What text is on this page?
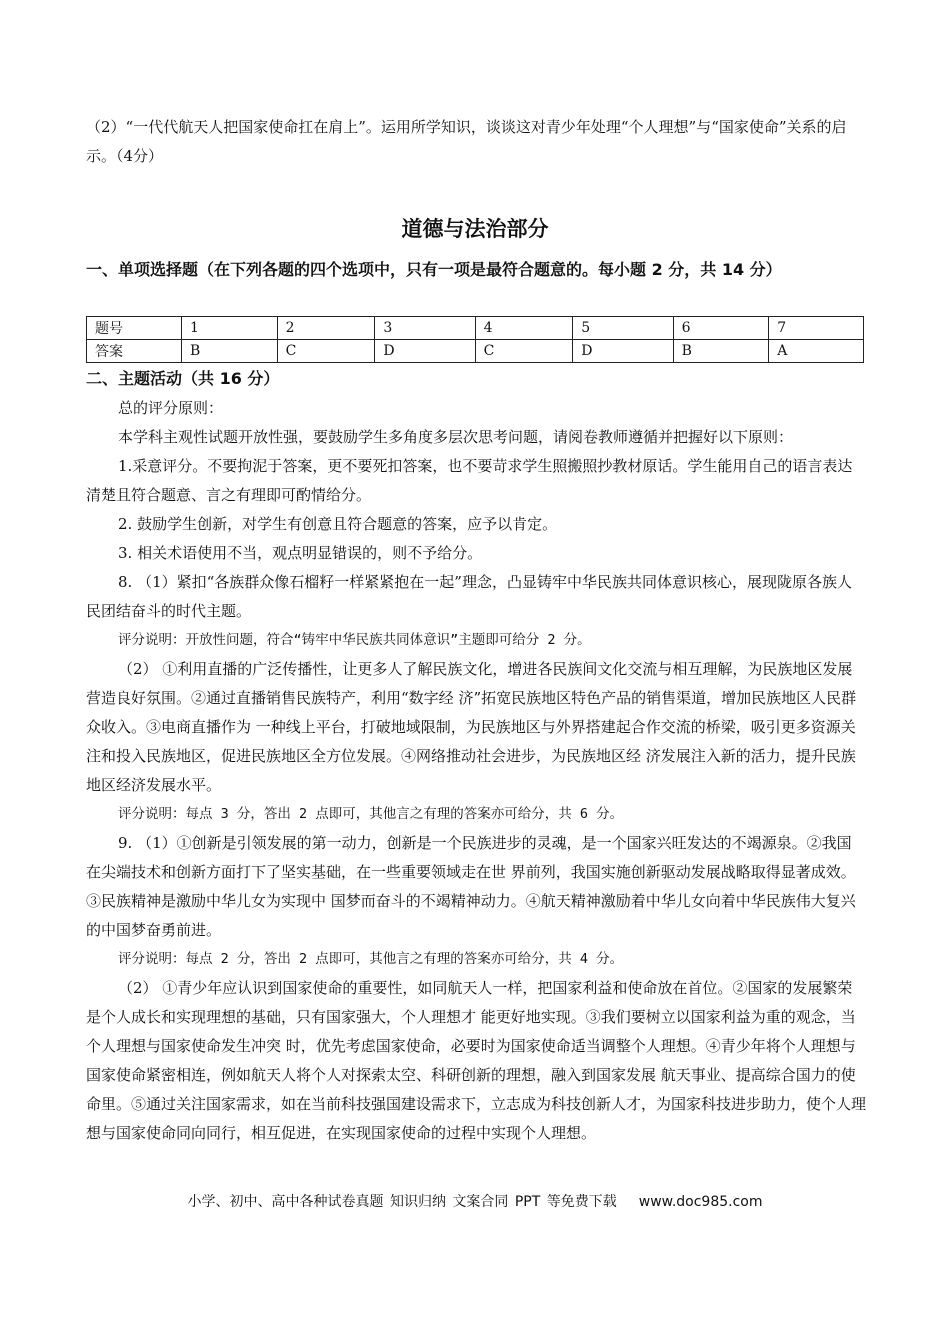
（2）“一代代航天人把国家使命扛在肩上”。运用所学知识，谈谈这对青少年处理“个人理想”与“国家使命”关系的启示。（4分）
道德与法治部分
一、单项选择题（在下列各题的四个选项中，只有一项是最符合题意的。每小题 2 分，共 14 分）
题号	1	2	3	4	5	6	7
答案	B	C	D	C	D	B	A
二、主题活动（共 16 分）

总的评分原则：

本学科主观性试题开放性强，要鼓励学生多角度多层次思考问题，请阅卷教师遵循并把握好以下原则：

1.采意评分。不要拘泥于答案，更不要死扣答案，也不要苛求学生照搬照抄教材原话。学生能用自己的语言表达清楚且符合题意、言之有理即可酌情给分。

2. 鼓励学生创新，对学生有创意且符合题意的答案，应予以肯定。

3. 相关术语使用不当，观点明显错误的，则不予给分。

8. （1）紧扣“各族群众像石榴籽一样紧紧抱在一起”理念，凸显铸牢中华民族共同体意识核心，展现陇原各族人民团结奋斗的时代主题。

评分说明：开放性问题，符合“铸牢中华民族共同体意识”主题即可给分 2 分。

（2） ①利用直播的广泛传播性，让更多人了解民族文化，增进各民族间文化交流与相互理解，为民族地区发展营造良好氛围。②通过直播销售民族特产，利用“数字经 济”拓宽民族地区特色产品的销售渠道，增加民族地区人民群众收入。③电商直播作为 一种线上平台，打破地域限制，为民族地区与外界搭建起合作交流的桥梁，吸引更多资源关注和投入民族地区，促进民族地区全方位发展。④网络推动社会进步，为民族地区经 济发展注入新的活力，提升民族地区经济发展水平。

评分说明：每点 3 分，答出 2 点即可，其他言之有理的答案亦可给分，共 6 分。

9. （1）①创新是引领发展的第一动力，创新是一个民族进步的灵魂，是一个国家兴旺发达的不竭源泉。②我国在尖端技术和创新方面打下了坚实基础，在一些重要领域走在世 界前列，我国实施创新驱动发展战略取得显著成效。③民族精神是激励中华儿女为实现中 国梦而奋斗的不竭精神动力。④航天精神激励着中华儿女向着中华民族伟大复兴的中国梦奋勇前进。

评分说明：每点 2 分，答出 2 点即可，其他言之有理的答案亦可给分，共 4 分。

（2） ①青少年应认识到国家使命的重要性，如同航天人一样，把国家利益和使命放在首位。②国家的发展繁荣是个人成长和实现理想的基础，只有国家强大，个人理想才 能更好地实现。③我们要树立以国家利益为重的观念，当个人理想与国家使命发生冲突 时，优先考虑国家使命，必要时为国家使命适当调整个人理想。④青少年将个人理想与 国家使命紧密相连，例如航天人将个人对探索太空、科研创新的理想，融入到国家发展 航天事业、提高综合国力的使命里。⑤通过关注国家需求，如在当前科技强国建设需求下，立志成为科技创新人才，为国家科技进步助力，使个人理想与国家使命同向同行，相互促进，在实现国家使命的过程中实现个人理想。

小学、初中、高中各种试卷真题 知识归纳 文案合同 PPT 等免费下载 www.doc985.com
